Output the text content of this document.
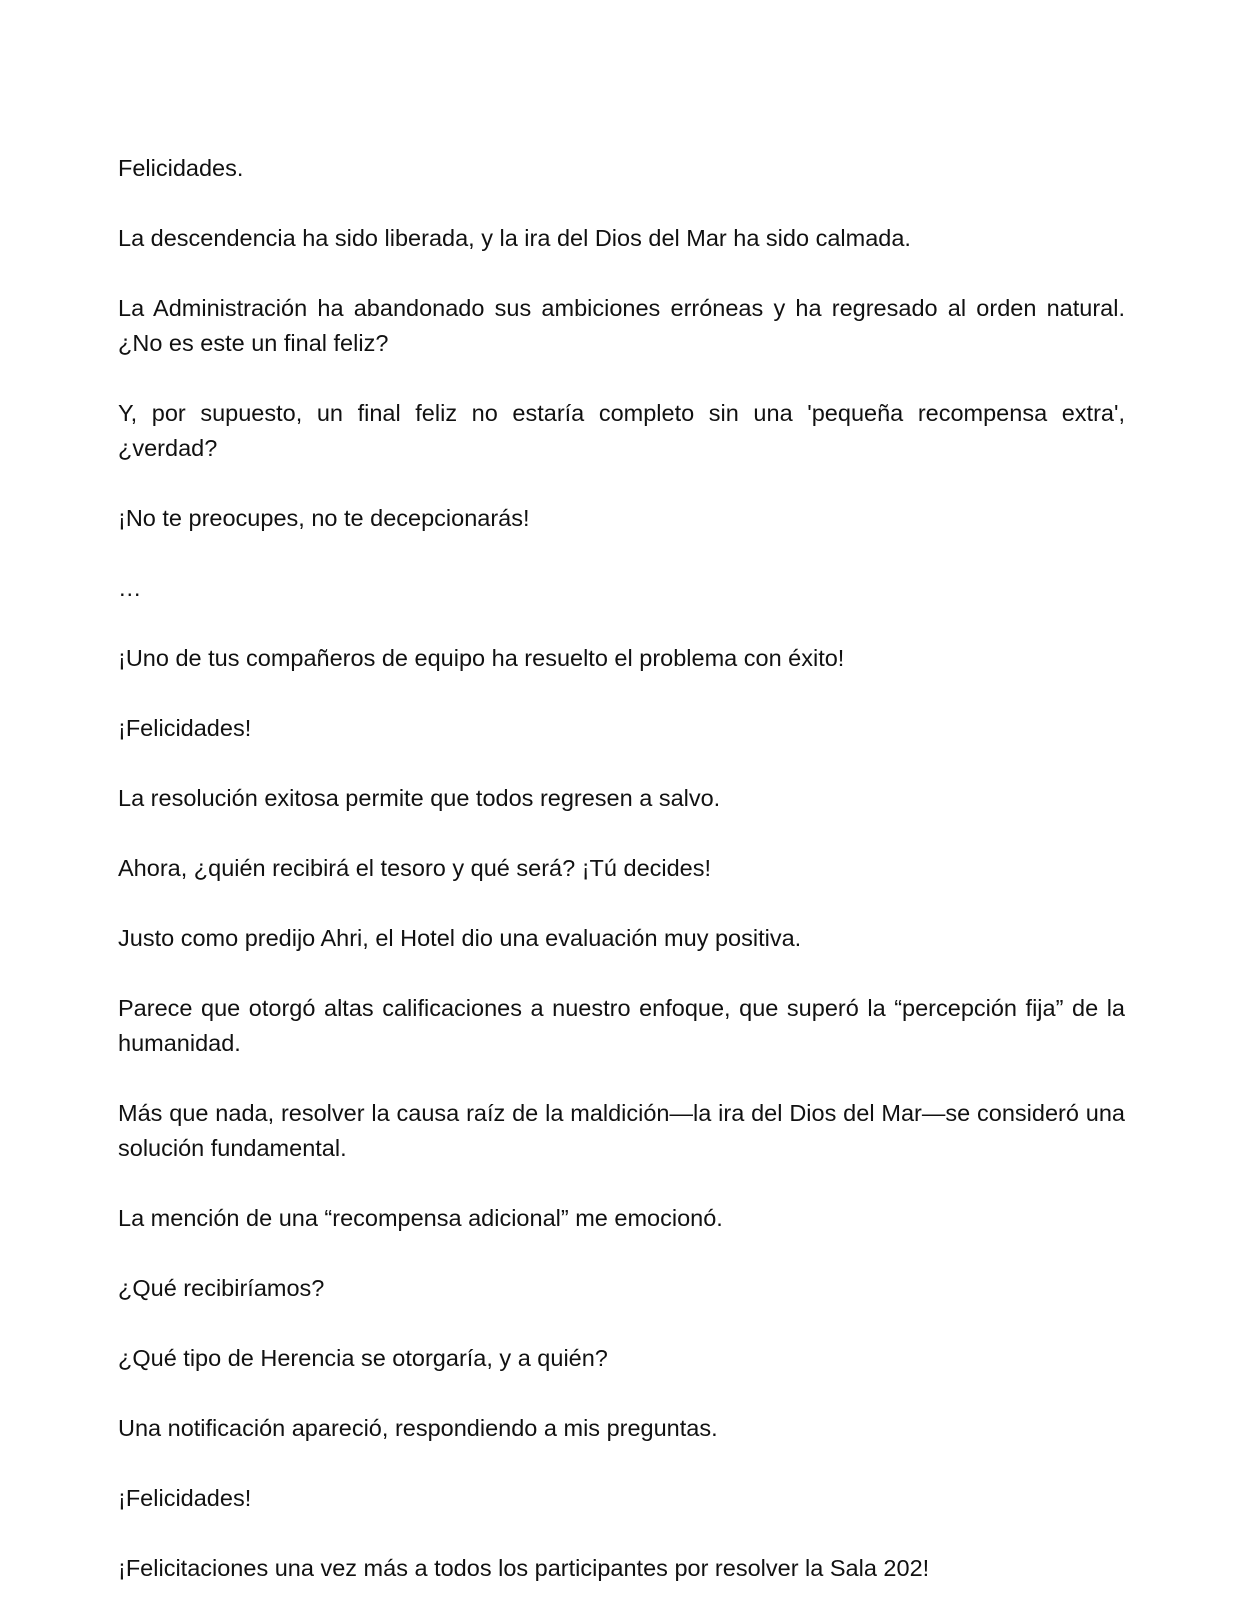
Felicidades.

La descendencia ha sido liberada, y la ira del Dios del Mar ha sido calmada.

La Administración ha abandonado sus ambiciones erróneas y ha regresado al orden natural. ¿No es este un final feliz?

Y, por supuesto, un final feliz no estaría completo sin una 'pequeña recompensa extra', ¿verdad?

¡No te preocupes, no te decepcionarás!

…

¡Uno de tus compañeros de equipo ha resuelto el problema con éxito!

¡Felicidades!

La resolución exitosa permite que todos regresen a salvo.

Ahora, ¿quién recibirá el tesoro y qué será? ¡Tú decides!

Justo como predijo Ahri, el Hotel dio una evaluación muy positiva.

Parece que otorgó altas calificaciones a nuestro enfoque, que superó la “percepción fija” de la humanidad.

Más que nada, resolver la causa raíz de la maldición—la ira del Dios del Mar—se consideró una solución fundamental.

La mención de una “recompensa adicional” me emocionó.

¿Qué recibiríamos?

¿Qué tipo de Herencia se otorgaría, y a quién?

Una notificación apareció, respondiendo a mis preguntas.

¡Felicidades!

¡Felicitaciones una vez más a todos los participantes por resolver la Sala 202!
